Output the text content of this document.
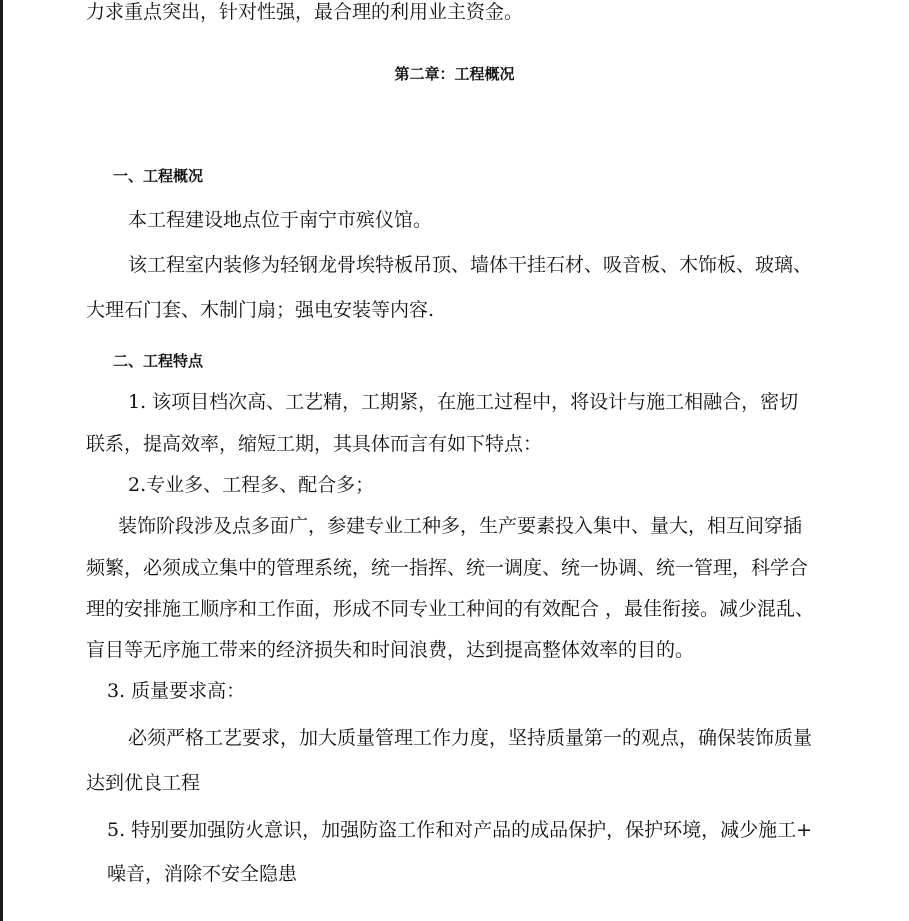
力求重点突出，针对性强，最合理的利用业主资金。
第二章：工程概况
一、工程概况
本工程建设地点位于南宁市殡仪馆。
该工程室内装修为轻钢龙骨埃特板吊顶、墙体干挂石材、吸音板、木饰板、玻璃、
大理石门套、木制门扇；强电安装等内容.
二、工程特点
1. 该项目档次高、工艺精，工期紧，在施工过程中，将设计与施工相融合，密切
联系，提高效率，缩短工期，其具体而言有如下特点：
2.专业多、工程多、配合多；
装饰阶段涉及点多面广，参建专业工种多，生产要素投入集中、量大，相互间穿插
频繁，必须成立集中的管理系统，统一指挥、统一调度、统一协调、统一管理，科学合
理的安排施工顺序和工作面，形成不同专业工种间的有效配合 ，最佳衔接。减少混乱、
盲目等无序施工带来的经济损失和时间浪费，达到提高整体效率的目的。
3. 质量要求高：
必须严格工艺要求，加大质量管理工作力度，坚持质量第一的观点，确保装饰质量
达到优良工程
5. 特别要加强防火意识，加强防盗工作和对产品的成品保护，保护环境，减少施工+
噪音，消除不安全隐患
